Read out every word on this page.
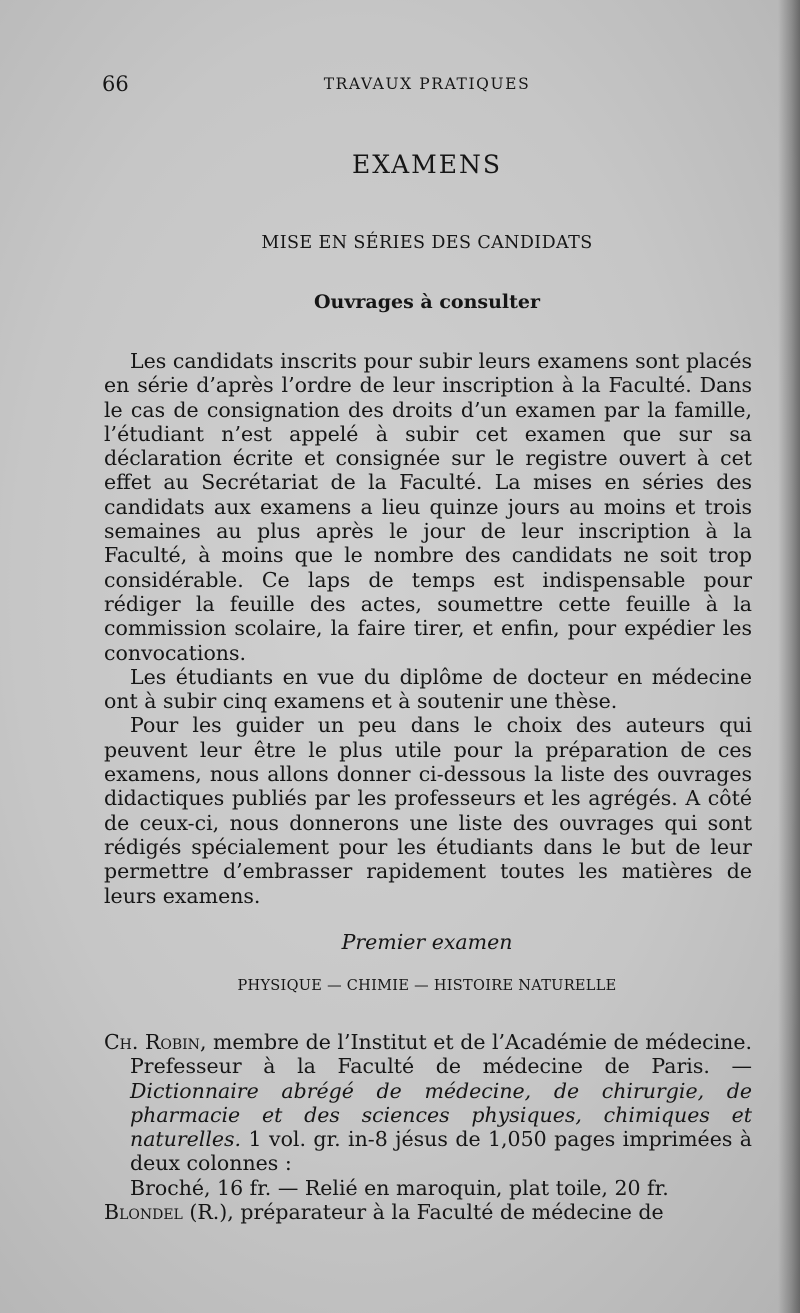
66	TRAVAUX PRATIQUES
EXAMENS
MISE EN SÉRIES DES CANDIDATS
Ouvrages à consulter

Les candidats inscrits pour subir leurs examens sont placés en série d’après l’ordre de leur inscription à la Faculté. Dans le cas de consignation des droits d’un examen par la famille, l’étudiant n’est appelé à subir cet examen que sur sa déclaration écrite et consignée sur le registre ouvert à cet effet au Secrétariat de la Faculté. La mises en séries des candidats aux examens a lieu quinze jours au moins et trois semaines au plus après le jour de leur inscription à la Faculté, à moins que le nombre des candidats ne soit trop considérable. Ce laps de temps est indispensable pour rédiger la feuille des actes, soumettre cette feuille à la commission scolaire, la faire tirer, et enfin, pour expédier les convocations.

Les étudiants en vue du diplôme de docteur en médecine ont à subir cinq examens et à soutenir une thèse.

Pour les guider un peu dans le choix des auteurs qui peuvent leur être le plus utile pour la préparation de ces examens, nous allons donner ci-dessous la liste des ouvrages didactiques publiés par les professeurs et les agrégés. A côté de ceux-ci, nous donnerons une liste des ouvrages qui sont rédigés spécialement pour les étudiants dans le but de leur permettre d’embrasser rapidement toutes les matières de leurs examens.

Premier examen
PHYSIQUE — CHIMIE — HISTOIRE NATURELLE

Ch. Robin, membre de l’Institut et de l’Académie de médecine. Prefesseur à la Faculté de médecine de Paris. — Dictionnaire abrégé de médecine, de chirurgie, de pharmacie et des sciences physiques, chimiques et naturelles. 1 vol. gr. in-8 jésus de 1,050 pages imprimées à deux colonnes :

Broché, 16 fr. — Relié en maroquin, plat toile, 20 fr.

Blondel (R.), préparateur à la Faculté de médecine de
